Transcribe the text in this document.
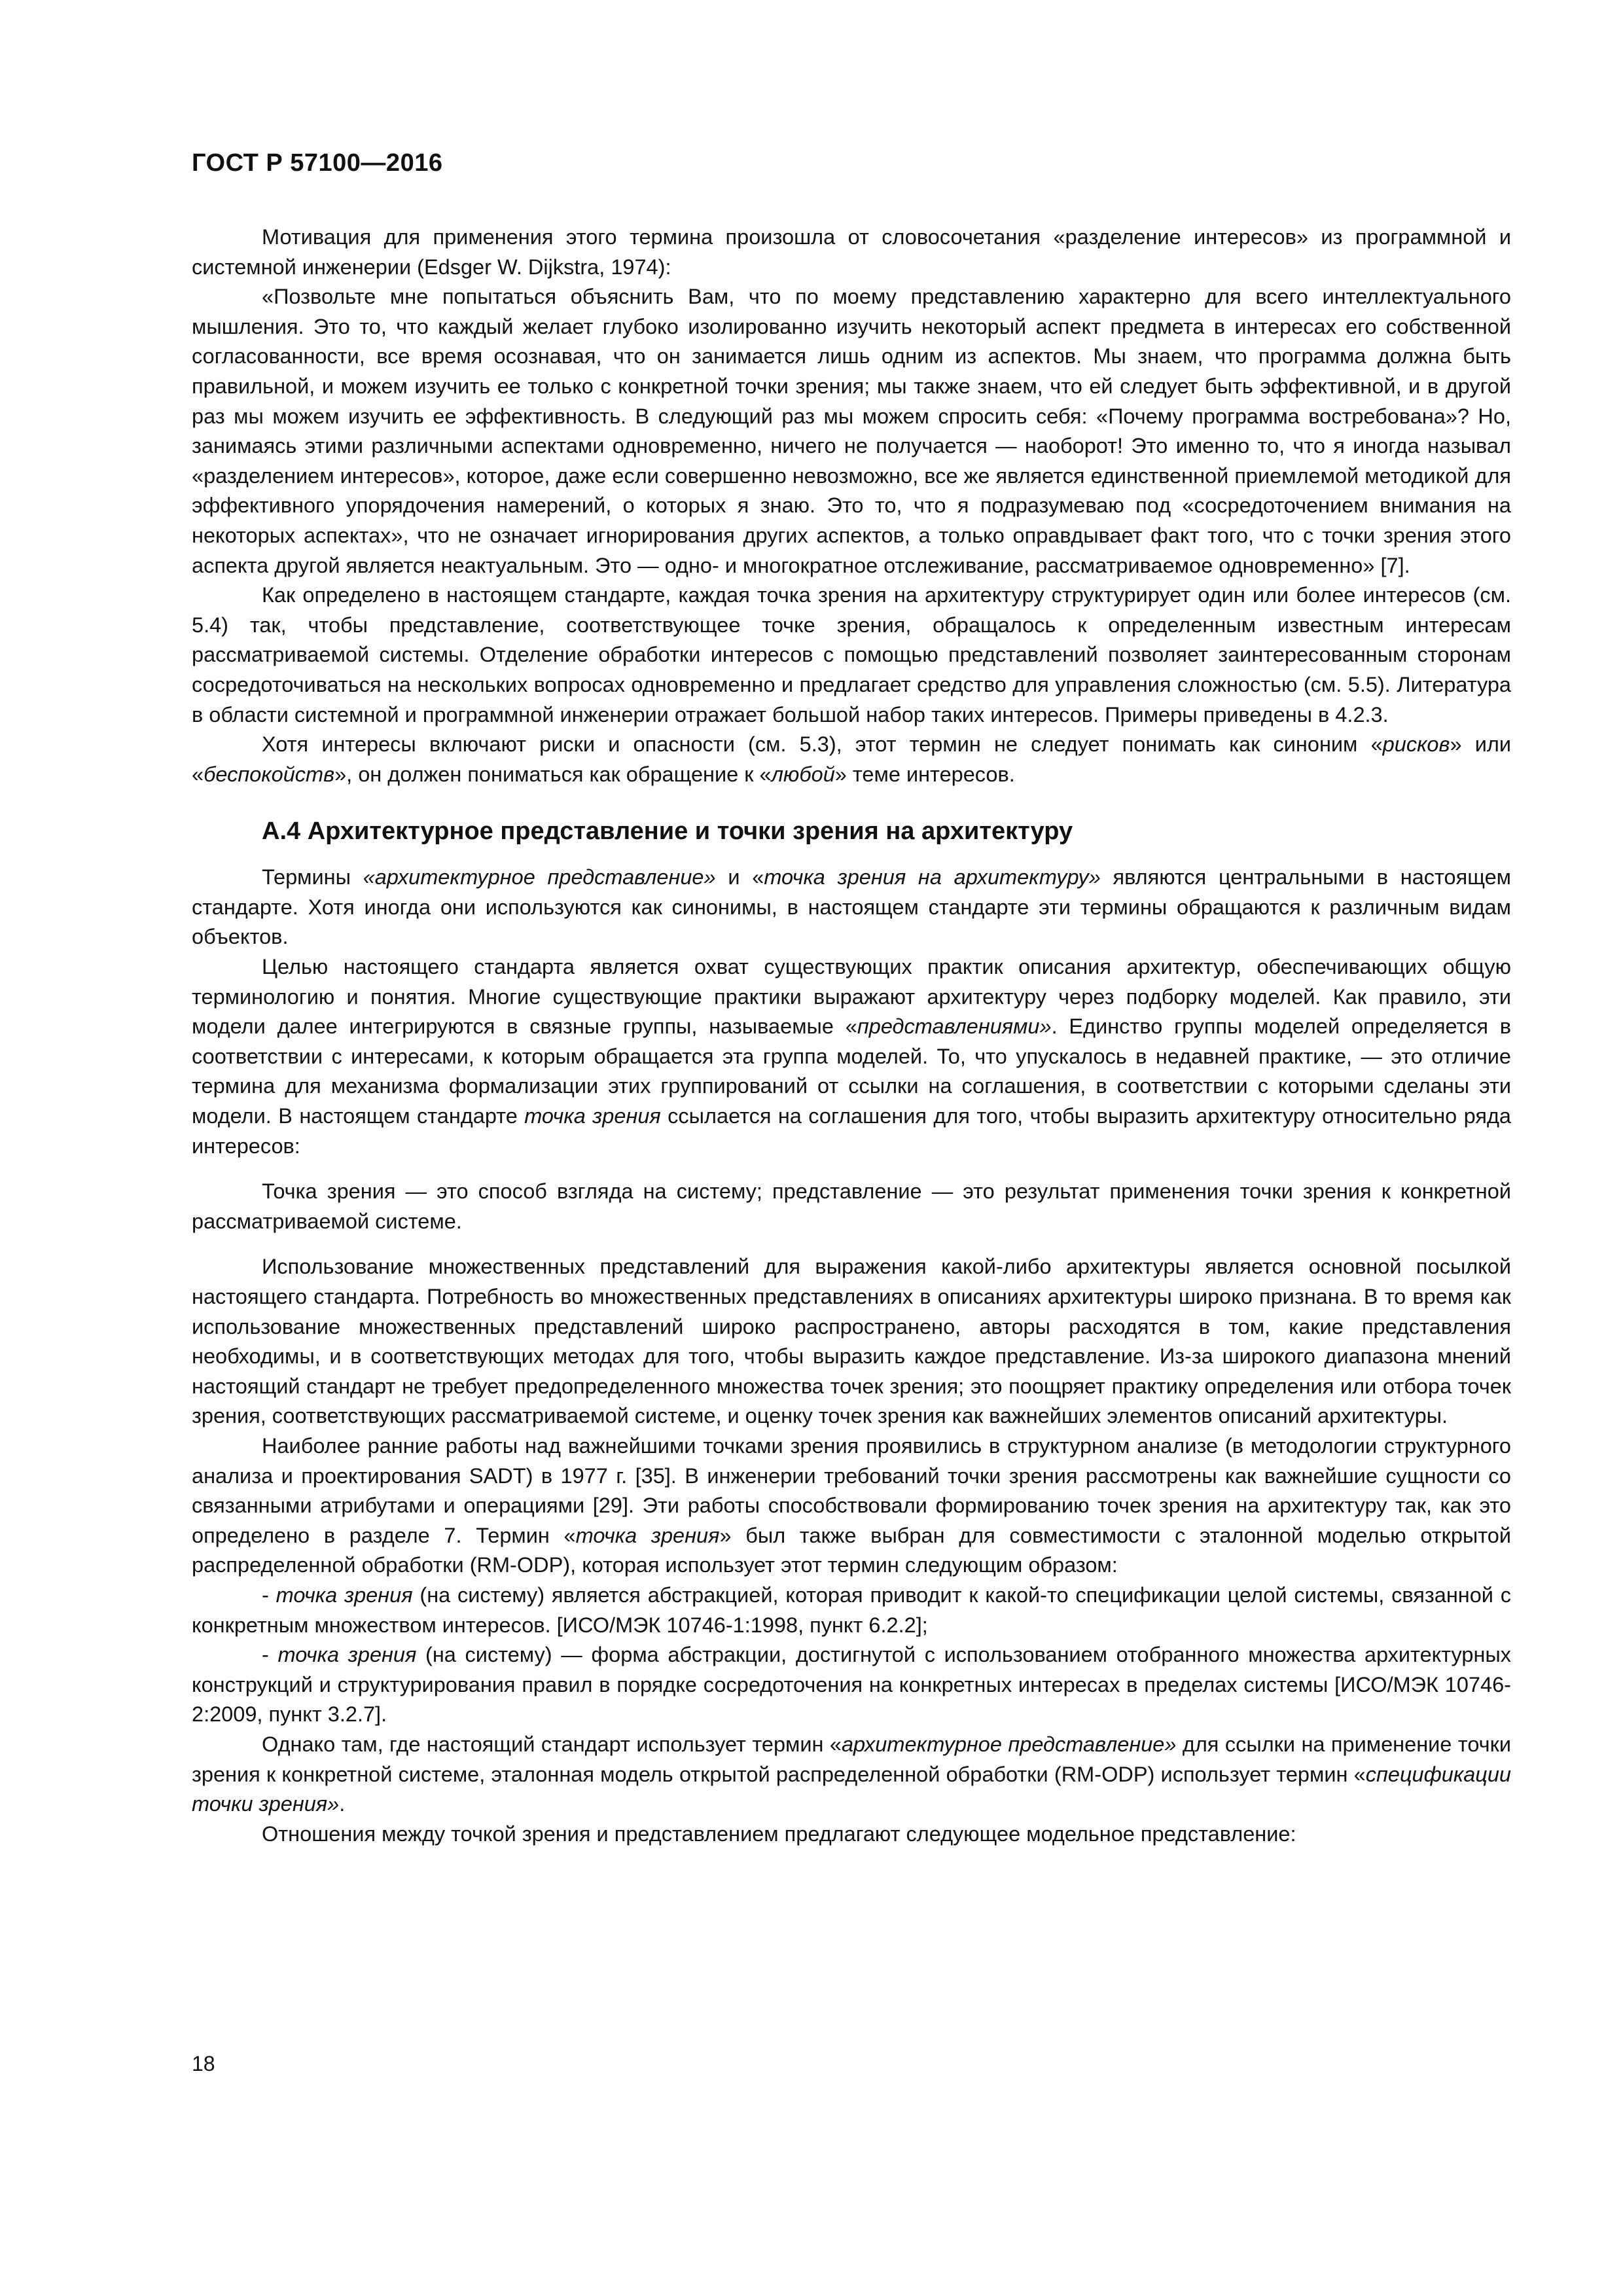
ГОСТ Р 57100—2016

Мотивация для применения этого термина произошла от словосочетания «разделение интересов» из программной и системной инженерии (Edsger W. Dijkstra, 1974):

«Позвольте мне попытаться объяснить Вам, что по моему представлению характерно для всего интеллектуального мышления. Это то, что каждый желает глубоко изолированно изучить некоторый аспект предмета в интересах его собственной согласованности, все время осознавая, что он занимается лишь одним из аспектов. Мы знаем, что программа должна быть правильной, и можем изучить ее только с конкретной точки зрения; мы также знаем, что ей следует быть эффективной, и в другой раз мы можем изучить ее эффективность. В следующий раз мы можем спросить себя: «Почему программа востребована»? Но, занимаясь этими различными аспектами одновременно, ничего не получается — наоборот! Это именно то, что я иногда называл «разделением интересов», которое, даже если совершенно невозможно, все же является единственной приемлемой методикой для эффективного упорядочения намерений, о которых я знаю. Это то, что я подразумеваю под «сосредоточением внимания на некоторых аспектах», что не означает игнорирования других аспектов, а только оправдывает факт того, что с точки зрения этого аспекта другой является неактуальным. Это — одно- и многократное отслеживание, рассматриваемое одновременно» [7].

Как определено в настоящем стандарте, каждая точка зрения на архитектуру структурирует один или более интересов (см. 5.4) так, чтобы представление, соответствующее точке зрения, обращалось к определенным известным интересам рассматриваемой системы. Отделение обработки интересов с помощью представлений позволяет заинтересованным сторонам сосредоточиваться на нескольких вопросах одновременно и предлагает средство для управления сложностью (см. 5.5). Литература в области системной и программной инженерии отражает большой набор таких интересов. Примеры приведены в 4.2.3.

Хотя интересы включают риски и опасности (см. 5.3), этот термин не следует понимать как синоним «рисков» или «беспокойств», он должен пониматься как обращение к «любой» теме интересов.

А.4 Архитектурное представление и точки зрения на архитектуру

Термины «архитектурное представление» и «точка зрения на архитектуру» являются центральными в настоящем стандарте. Хотя иногда они используются как синонимы, в настоящем стандарте эти термины обращаются к различным видам объектов.

Целью настоящего стандарта является охват существующих практик описания архитектур, обеспечивающих общую терминологию и понятия. Многие существующие практики выражают архитектуру через подборку моделей. Как правило, эти модели далее интегрируются в связные группы, называемые «представлениями». Единство группы моделей определяется в соответствии с интересами, к которым обращается эта группа моделей. То, что упускалось в недавней практике, — это отличие термина для механизма формализации этих группирований от ссылки на соглашения, в соответствии с которыми сделаны эти модели. В настоящем стандарте точка зрения ссылается на соглашения для того, чтобы выразить архитектуру относительно ряда интересов:

Точка зрения — это способ взгляда на систему; представление — это результат применения точки зрения к конкретной рассматриваемой системе.

Использование множественных представлений для выражения какой-либо архитектуры является основной посылкой настоящего стандарта. Потребность во множественных представлениях в описаниях архитектуры широко признана. В то время как использование множественных представлений широко распространено, авторы расходятся в том, какие представления необходимы, и в соответствующих методах для того, чтобы выразить каждое представление. Из-за широкого диапазона мнений настоящий стандарт не требует предопределенного множества точек зрения; это поощряет практику определения или отбора точек зрения, соответствующих рассматриваемой системе, и оценку точек зрения как важнейших элементов описаний архитектуры.

Наиболее ранние работы над важнейшими точками зрения проявились в структурном анализе (в методологии структурного анализа и проектирования SADT) в 1977 г. [35]. В инженерии требований точки зрения рассмотрены как важнейшие сущности со связанными атрибутами и операциями [29]. Эти работы способствовали формированию точек зрения на архитектуру так, как это определено в разделе 7. Термин «точка зрения» был также выбран для совместимости с эталонной моделью открытой распределенной обработки (RM-ODP), которая использует этот термин следующим образом:

- точка зрения (на систему) является абстракцией, которая приводит к какой-то спецификации целой системы, связанной с конкретным множеством интересов. [ИСО/МЭК 10746-1:1998, пункт 6.2.2];

- точка зрения (на систему) — форма абстракции, достигнутой с использованием отобранного множества архитектурных конструкций и структурирования правил в порядке сосредоточения на конкретных интересах в пределах системы [ИСО/МЭК 10746-2:2009, пункт 3.2.7].

Однако там, где настоящий стандарт использует термин «архитектурное представление» для ссылки на применение точки зрения к конкретной системе, эталонная модель открытой распределенной обработки (RM-ODP) использует термин «спецификации точки зрения».

Отношения между точкой зрения и представлением предлагают следующее модельное представление:

18
